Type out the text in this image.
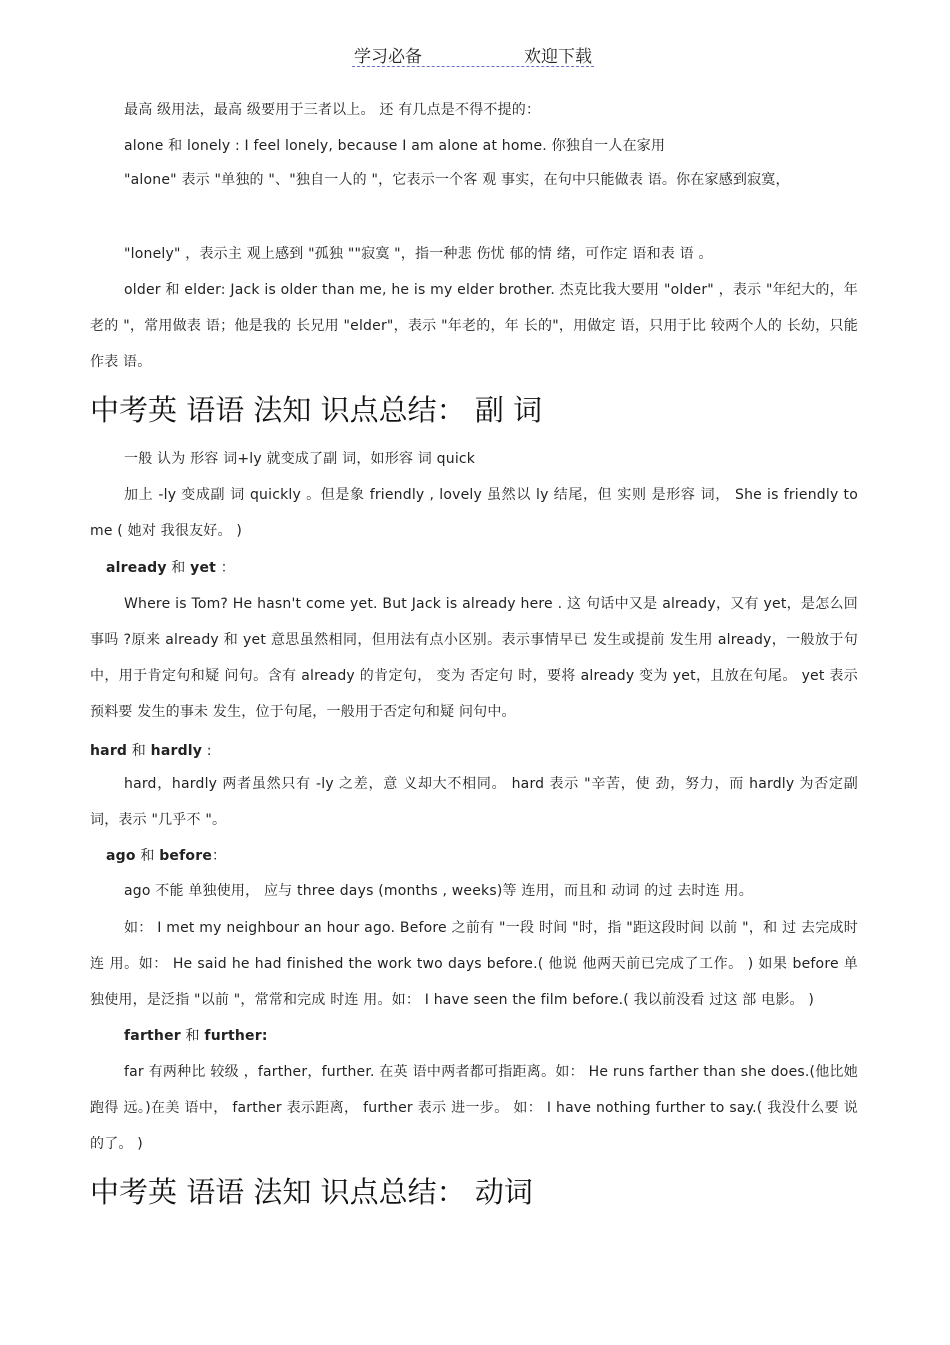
学习必备	欢迎下载

最高 级用法，最高 级要用于三者以上。 还 有几点是不得不提的：

alone 和 lonely : I feel lonely, because I am alone at home. 你独自一人在家用

"alone" 表示 "单独的 "、"独自一人的 "，它表示一个客 观 事实，在句中只能做表 语。你在家感到寂寞，

"lonely" ，表示主 观上感到 "孤独 ""寂寞 "，指一种悲 伤忧 郁的情 绪，可作定 语和表 语 。

older 和 elder: Jack is older than me, he is my elder brother. 杰克比我大要用 "older" ，表示 "年纪大的，年老的 "，常用做表 语；他是我的 长兄用 "elder"，表示 "年老的，年 长的"，用做定 语，只用于比 较两个人的 长幼，只能作表 语。

中考英 语语 法知 识点总结： 副 词

一般 认为 形容 词+ly 就变成了副 词，如形容 词 quick

加上 -ly 变成副 词 quickly 。但是象 friendly , lovely 虽然以 ly 结尾，但 实则 是形容 词， She is friendly to me ( 她对 我很友好。 )

already 和 yet ：

Where is Tom? He hasn't come yet. But Jack is already here . 这 句话中又是 already，又有 yet，是怎么回事吗 ?原来 already 和 yet 意思虽然相同，但用法有点小区别。表示事情早已 发生或提前 发生用 already，一般放于句中，用于肯定句和疑 问句。含有 already 的肯定句， 变为 否定句 时，要将 already 变为 yet，且放在句尾。 yet 表示 预料要 发生的事未 发生，位于句尾，一般用于否定句和疑 问句中。

hard 和 hardly :

hard，hardly 两者虽然只有 -ly 之差，意 义却大不相同。 hard 表示 "辛苦，使 劲，努力，而 hardly 为否定副 词，表示 "几乎不 "。

ago 和 before：

ago 不能 单独使用， 应与 three days (months , weeks)等 连用，而且和 动词 的过 去时连 用。

如： I met my neighbour an hour ago. Before 之前有 "一段 时间 "时，指 "距这段时间 以前 "，和 过 去完成时连 用。如： He said he had finished the work two days before.( 他说 他两天前已完成了工作。 ) 如果 before 单独使用，是泛指 "以前 "，常常和完成 时连 用。如： I have seen the film before.( 我以前没看 过这 部 电影。 )

farther 和 further:

far 有两种比 较级 ，farther，further. 在英 语中两者都可指距离。如： He runs farther than she does.(他比她跑得 远。)在美 语中， farther 表示距离， further 表示 进一步。 如： I have nothing further to say.( 我没什么要 说 的了。 )

中考英 语语 法知 识点总结： 动词
